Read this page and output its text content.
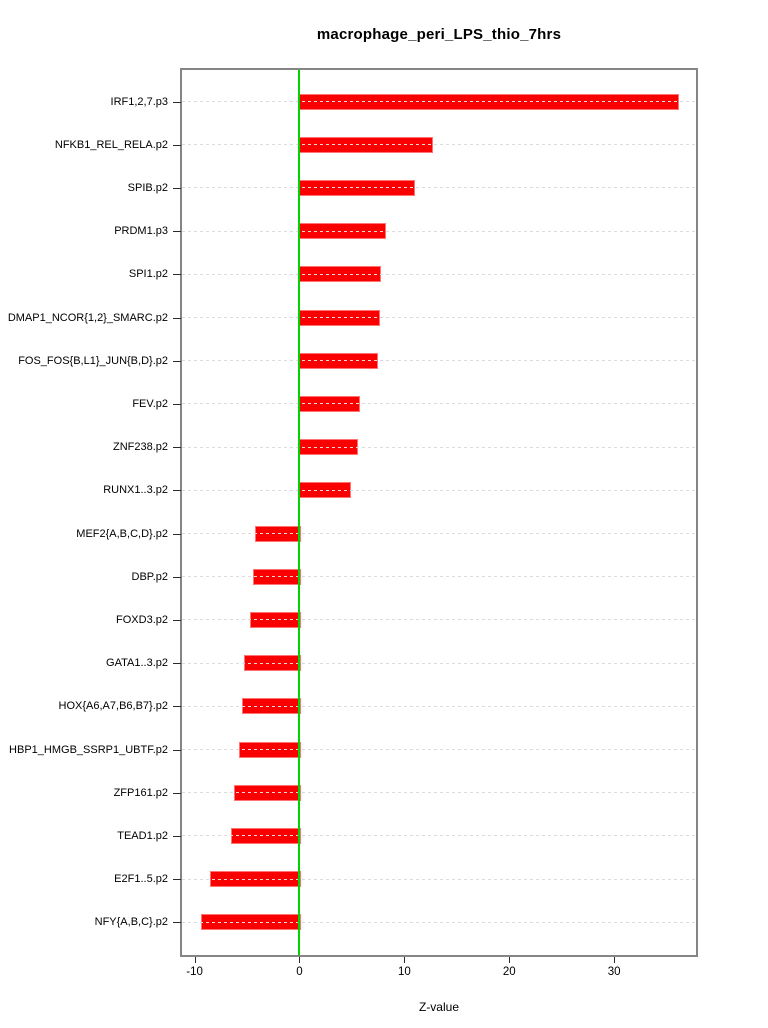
macrophage_peri_LPS_thio_7hrs
Z-value
IRF1,2,7.p3
NFKB1_REL_RELA.p2
SPIB.p2
PRDM1.p3
SPI1.p2
DMAP1_NCOR{1,2}_SMARC.p2
FOS_FOS{B,L1}_JUN{B,D}.p2
FEV.p2
ZNF238.p2
RUNX1..3.p2
MEF2{A,B,C,D}.p2
DBP.p2
FOXD3.p2
GATA1..3.p2
HOX{A6,A7,B6,B7}.p2
HBP1_HMGB_SSRP1_UBTF.p2
ZFP161.p2
TEAD1.p2
E2F1..5.p2
NFY{A,B,C}.p2
-10	0	10	20	30
